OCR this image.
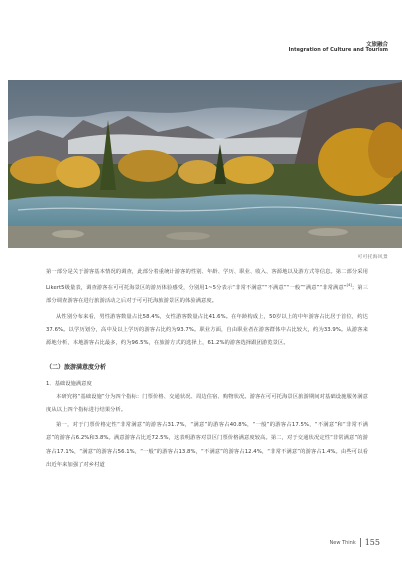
文旅融合
Integration of Culture and Tourism
可可托海风景

第一部分是关于游客基本情况的调查，此部分着重统计游客的性别、年龄、学历、职业、收入、客源地以及游方式等信息。第二部分采用Likert5级量表，调查游客在可可托海景区的游历体验感受，分别用1~5分表示“非常不满意”“不满意”“一般”“满意”“非常满意”[4]；第三部分调查游客在进行旅游活动之后对于可可托海旅游景区的体验满意度。

从性别分布来看，男性游客数量占比58.4%，女性游客数量占比41.6%。在年龄构成上，50岁以上的中年游客占比居于首位，约达37.6%。以学历划分，高中及以上学历的游客占比约为93.7%。职业方面，自由职业者在游客群体中占比较大，约为33.9%。从游客来源地分析，本地游客占比最多，约为96.5%，在旅游方式的选择上，61.2%的游客选择跟团游览景区。

（二）旅游满意度分析
1．基础设施满意度

本研究将“基础设施”分为四个指标：门票价格、交通状况、周边住宿、购物状况。游客在可可托海景区旅游期间对基础设施服务满意度从以上四个指标进行结果分析。

第一，对于门票价格定性“非常满意”的游客占31.7%，“满意”的游客占40.8%，“一般”的游客占17.5%，“不满意”和“非常不满意”的游客占6.2%和3.8%。满意游客占比近72.5%，这表明游客对景区门票价格满意度较高。第二，对于交通状况定性“非常满意”的游客占17.1%，“满意”的游客占56.1%，“一般”的游客占13.8%，“不满意”的游客占12.4%，“非常不满意”的游客占1.4%。由些可以看出近年来加强了对乡村道

New Think 155
